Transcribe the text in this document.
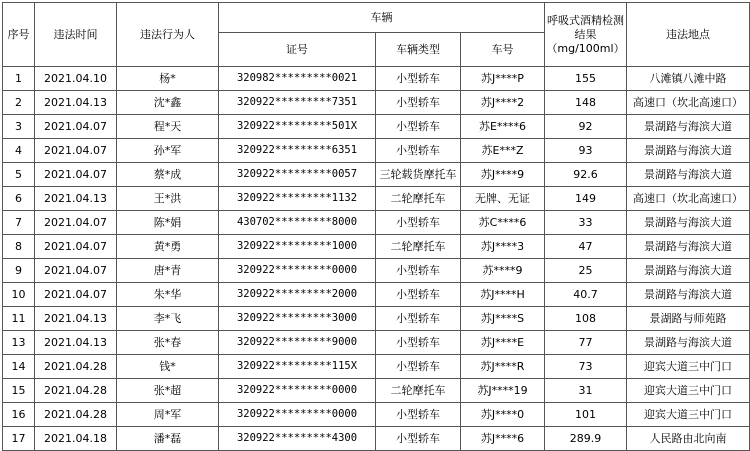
序号	违法时间	违法行为人	车辆			呼吸式酒精检测结果（mg/100ml）	违法地点
			证号	车辆类型	车号		
1	2021.04.10	杨*	320982*********0021	小型轿车	苏J****P	155	八滩镇八滩中路
2	2021.04.13	沈*鑫	320922*********7351	小型轿车	苏J****2	148	高速口（坎北高速口）
3	2021.04.07	程*天	320922*********501X	小型轿车	苏E****6	92	景湖路与海滨大道
4	2021.04.07	孙*军	320922*********6351	小型轿车	苏E***Z	93	景湖路与海滨大道
5	2021.04.07	蔡*成	320922*********0057	三轮载货摩托车	苏J****9	92.6	景湖路与海滨大道
6	2021.04.13	王*洪	320922*********1132	二轮摩托车	无牌、无证	149	高速口（坎北高速口）
7	2021.04.07	陈*娟	430702*********8000	小型轿车	苏C****6	33	景湖路与海滨大道
8	2021.04.07	黄*勇	320922*********1000	二轮摩托车	苏J****3	47	景湖路与海滨大道
9	2021.04.07	唐*青	320922*********0000	小型轿车	苏****9	25	景湖路与海滨大道
10	2021.04.07	朱*华	320922*********2000	小型轿车	苏J****H	40.7	景湖路与海滨大道
11	2021.04.13	李*飞	320922*********3000	小型轿车	苏J****S	108	景湖路与师苑路
13	2021.04.13	张*春	320922*********9000	小型轿车	苏J****E	77	景湖路与海滨大道
14	2021.04.28	钱*	320922*********115X	小型轿车	苏J****R	73	迎宾大道三中门口
15	2021.04.28	张*超	320922*********0000	二轮摩托车	苏J****19	31	迎宾大道三中门口
16	2021.04.28	周*军	320922*********0000	小型轿车	苏J****0	101	迎宾大道三中门口
17	2021.04.18	潘*磊	320922*********4300	小型轿车	苏J****6	289.9	人民路由北向南
